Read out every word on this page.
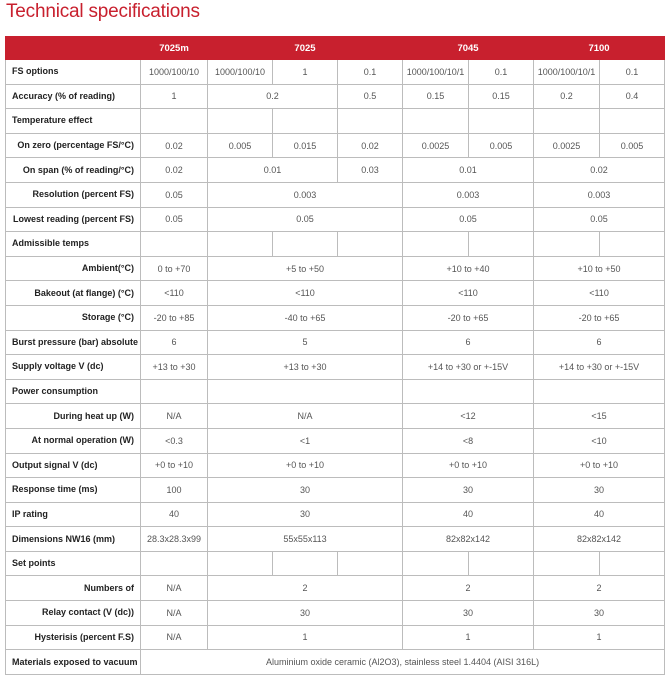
Technical specifications
	7025m	7025			7045		7100	
FS options	1000/100/10	1000/100/10	1	0.1	1000/100/10/1	0.1	1000/100/10/1	0.1
Accuracy (% of reading)	1	0.2		0.5	0.15	0.15	0.2	0.4
Temperature effect								
On zero (percentage FS/°C)	0.02	0.005	0.015	0.02	0.0025	0.005	0.0025	0.005
On span (% of reading/°C)	0.02	0.01		0.03	0.01		0.02	
Resolution (percent FS)	0.05	0.003			0.003		0.003	
Lowest reading (percent FS)	0.05	0.05			0.05		0.05	
Admissible temps								
Ambient(°C)	0 to +70	+5 to +50			+10 to +40		+10 to +50	
Bakeout (at flange) (°C)	<110	<110			<110		<110	
Storage (°C)	-20 to +85	-40 to +65			-20 to +65		-20 to +65	
Burst pressure (bar) absolute	6	5			6		6	
Supply voltage V (dc)	+13 to +30	+13 to +30			+14 to +30 or +-15V		+14 to +30 or +-15V	
Power consumption								
During heat up (W)	N/A	N/A			<12		<15	
At normal operation (W)	<0.3	<1			<8		<10	
Output signal V (dc)	+0 to +10	+0 to +10			+0 to +10		+0 to +10	
Response time (ms)	100	30			30		30	
IP rating	40	30			40		40	
Dimensions NW16 (mm)	28.3x28.3x99	55x55x113			82x82x142		82x82x142	
Set points								
Numbers of	N/A	2			2		2	
Relay contact (V (dc))	N/A	30			30		30	
Hysterisis (percent F.S)	N/A	1			1		1	
Materials exposed to vacuum	Aluminium oxide ceramic (Al2O3), stainless steel 1.4404 (AISI 316L)							
